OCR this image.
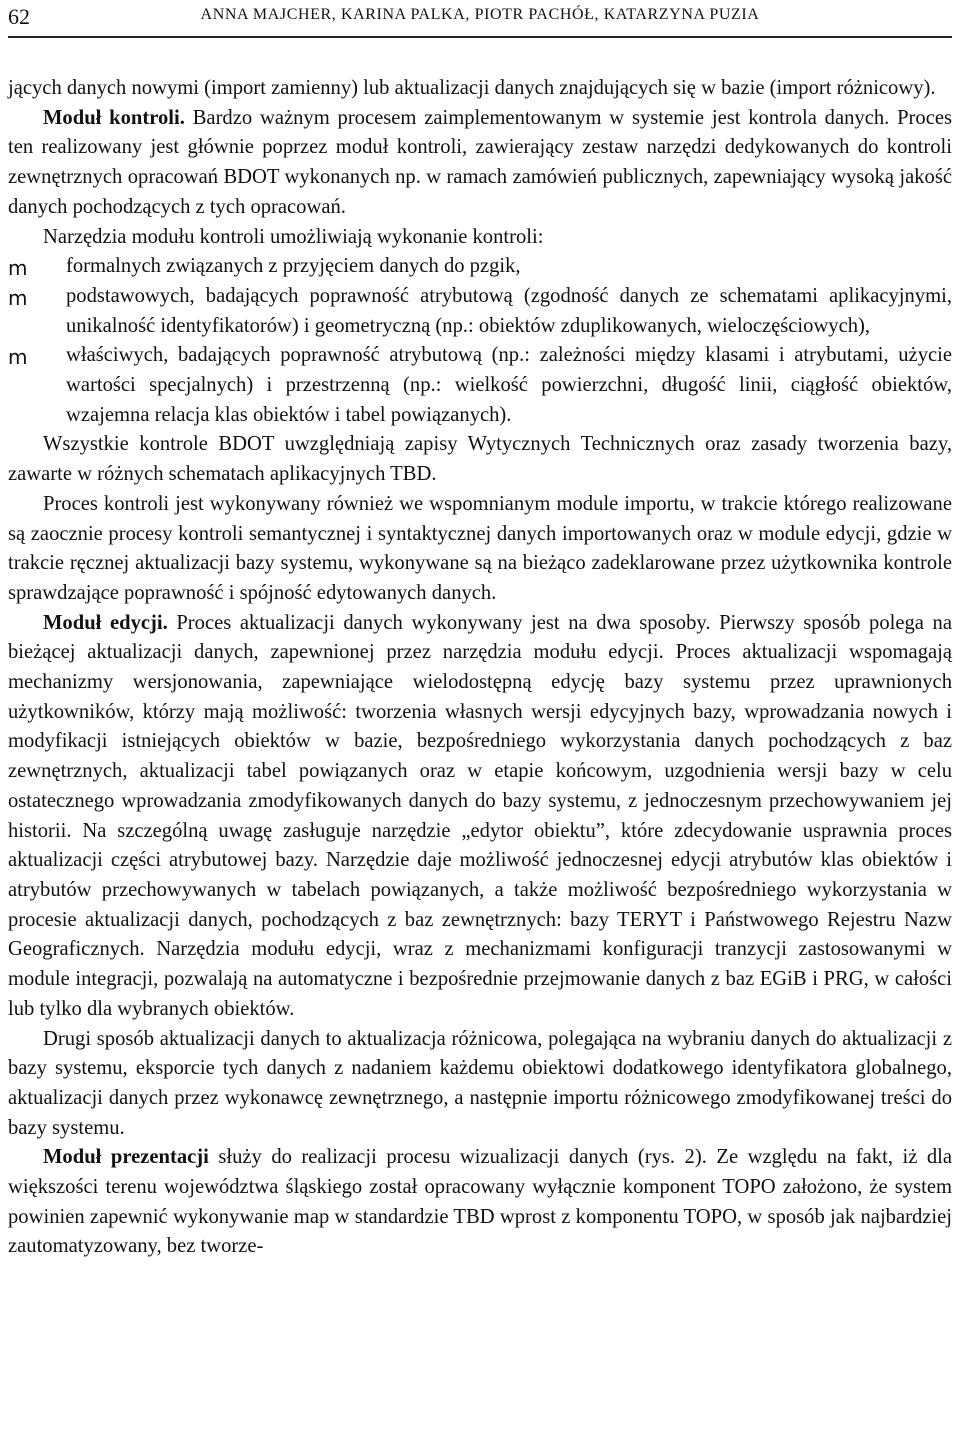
62	ANNA MAJCHER, KARINA PALKA, PIOTR PACHÓŁ, KATARZYNA PUZIA

jących danych nowymi (import zamienny) lub aktualizacji danych znajdujących się w bazie (import różnicowy).

Moduł kontroli. Bardzo ważnym procesem zaimplementowanym w systemie jest kontrola danych. Proces ten realizowany jest głównie poprzez moduł kontroli, zawierający zestaw narzędzi dedykowanych do kontroli zewnętrznych opracowań BDOT wykonanych np. w ramach zamówień publicznych, zapewniający wysoką jakość danych pochodzących z tych opracowań.

Narzędzia modułu kontroli umożliwiają wykonanie kontroli:

m formalnych związanych z przyjęciem danych do pzgik,
m podstawowych, badających poprawność atrybutową (zgodność danych ze schematami aplikacyjnymi, unikalność identyfikatorów) i geometryczną (np.: obiektów zduplikowanych, wieloczęściowych),
m właściwych, badających poprawność atrybutową (np.: zależności między klasami i atrybutami, użycie wartości specjalnych) i przestrzenną (np.: wielkość powierzchni, długość linii, ciągłość obiektów, wzajemna relacja klas obiektów i tabel powiązanych).

Wszystkie kontrole BDOT uwzględniają zapisy Wytycznych Technicznych oraz zasady tworzenia bazy, zawarte w różnych schematach aplikacyjnych TBD.

Proces kontroli jest wykonywany również we wspomnianym module importu, w trakcie którego realizowane są zaocznie procesy kontroli semantycznej i syntaktycznej danych importowanych oraz w module edycji, gdzie w trakcie ręcznej aktualizacji bazy systemu, wykonywane są na bieżąco zadeklarowane przez użytkownika kontrole sprawdzające poprawność i spójność edytowanych danych.

Moduł edycji. Proces aktualizacji danych wykonywany jest na dwa sposoby. Pierwszy sposób polega na bieżącej aktualizacji danych, zapewnionej przez narzędzia modułu edycji. Proces aktualizacji wspomagają mechanizmy wersjonowania, zapewniające wielodostępną edycję bazy systemu przez uprawnionych użytkowników, którzy mają możliwość: tworzenia własnych wersji edycyjnych bazy, wprowadzania nowych i modyfikacji istniejących obiektów w bazie, bezpośredniego wykorzystania danych pochodzących z baz zewnętrznych, aktualizacji tabel powiązanych oraz w etapie końcowym, uzgodnienia wersji bazy w celu ostatecznego wprowadzania zmodyfikowanych danych do bazy systemu, z jednoczesnym przechowywaniem jej historii. Na szczególną uwagę zasługuje narzędzie „edytor obiektu”, które zdecydowanie usprawnia proces aktualizacji części atrybutowej bazy. Narzędzie daje możliwość jednoczesnej edycji atrybutów klas obiektów i atrybutów przechowywanych w tabelach powiązanych, a także możliwość bezpośredniego wykorzystania w procesie aktualizacji danych, pochodzących z baz zewnętrznych: bazy TERYT i Państwowego Rejestru Nazw Geograficznych. Narzędzia modułu edycji, wraz z mechanizmami konfiguracji tranzycji zastosowanymi w module integracji, pozwalają na automatyczne i bezpośrednie przejmowanie danych z baz EGiB i PRG, w całości lub tylko dla wybranych obiektów.

Drugi sposób aktualizacji danych to aktualizacja różnicowa, polegająca na wybraniu danych do aktualizacji z bazy systemu, eksporcie tych danych z nadaniem każdemu obiektowi dodatkowego identyfikatora globalnego, aktualizacji danych przez wykonawcę zewnętrznego, a następnie importu różnicowego zmodyfikowanej treści do bazy systemu.

Moduł prezentacji służy do realizacji procesu wizualizacji danych (rys. 2). Ze względu na fakt, iż dla większości terenu województwa śląskiego został opracowany wyłącznie komponent TOPO założono, że system powinien zapewnić wykonywanie map w standardzie TBD wprost z komponentu TOPO, w sposób jak najbardziej zautomatyzowany, bez tworze-
